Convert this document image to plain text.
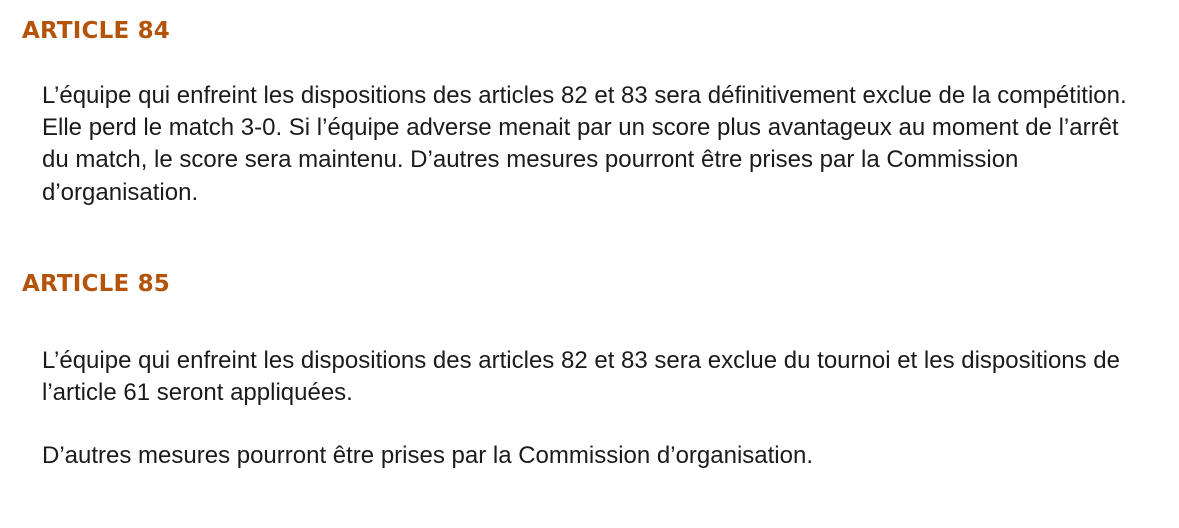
ARTICLE 84

L’équipe qui enfreint les dispositions des articles 82 et 83 sera définitivement exclue de la compétition. Elle perd le match 3-0. Si l’équipe adverse menait par un score plus avantageux au moment de l’arrêt du match, le score sera maintenu. D’autres mesures pourront être prises par la Commission d’organisation.

ARTICLE 85

L’équipe qui enfreint les dispositions des articles 82 et 83 sera exclue du tournoi et les dispositions de l’article 61 seront appliquées.

D’autres mesures pourront être prises par la Commission d’organisation.
